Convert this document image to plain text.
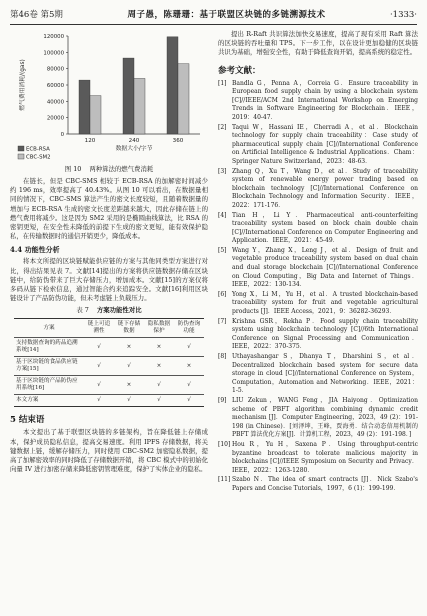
第46卷 第5期	周子愚，陈珊珊：基于联盟区块链的多链溯源技术	·1333·
0
20000
40000
60000
80000
100000
120000
燃气费用消耗/(gas)
120	240	360
数据大小/字节
ECB-RSA
CBC-SM2
图 10 两种算法的燃气费消耗

在链长，但是 CBC-SMS 相较于 ECB-RSA 的加解密时间减少约 196 ms，效率提高了 40.43%。从图 10 可以看出，在数据量相同的情况下，CBC-SMS 算法产生的密文长度较短，且随着数据量的增加与 ECB-RSA 生成的密文长度差距越来越大，因此存储在链上的燃气费用将减少。这是因为 SM2 采用的是椭圆曲线算法，比 RSA 的密钥更短，在安全性未降低的前提下生成的密文更短，能有效保护隐私，在传输数据时的通信开销更少，降低成本。

4.4 功能性分析

将本文所提的区块链赋能供应链的方案与其他同类型方案进行对比，得出结果见表 7。文献[14]提出的方案将供应链数据存储在区块链中，给防伪带来了巨大存储压力，增加成本。文献[15]的方案仅将多码从链下检索信息，通过智能合约来追踪安全。文献[16]利用区块链设计了产品防伪功能，但未考虑链上负载压力。

表 7 方案功能性对比
方案	链上可追溯性	链下存储数据	隐私数据保护	防伪查询功能
支持数据查询的药品追溯系统[14]	√	×	×	√
基于区块链的食品供应链方案[15]	√	√	×	×
基于区块链的产品防伪应用系统[16]	√	×	√	√
本文方案	√	√	√	√
5 结束语

本文提出了基于联盟区块链的多链架构，旨在降低链上存储成本，保护成员隐私信息，提高交易速度。利用 IPFS 存储数据，将关键数据上链，缓解存储压力，同时使用 CBC-SM2 加密隐私数据，提高了加解密效率的同时降低了存储数据开销，将 CBC 模式中的初始化向量 IV 进行加密存储来降低密钥管理难度，保护了实体企业的隐私。

提出 R-Raft 共识算法加快交易速度，提高了现有采用 Raft 算法的区块链的吞吐量和 TPS。下一步工作，以在设计更加稳健的区块链共识为基础，增强安全性，有助于降低查询开销，提高系统的稳定性。

参考文献：
[1] Bandla G，Penna A，Correia G．Ensure traceability in European food supply chain by using a blockchain system [C]//IEEE/ACM 2nd International Workshop on Emerging Trends in Software Engineering for Blockchain．IEEE，2019：40-47．
[2] Taqui W，Hassani IE，Cherradi A，et al．Blockchain technology for supply chain traceability：Case study of pharmaceutical supply chain [C]//International Conference on Artificial Intelligence & Industrial Applications．Cham：Springer Nature Switzerland，2023：48-63．
[3] Zhang Q，Xu T，Wang D，et al．Study of traceability system of renewable energy power trading based on blockchain technology [C]//International Conference on Blockchain Technology and Information Security．IEEE，2022：171-176．
[4] Tian H，Li Y．Pharmaceutical anti-counterfeiting traceability system based on block chain double chain [C]//International Conference on Computer Engineering and Application．IEEE，2021：45-49．
[5] Wang Y，Zhang X，Leng J，et al．Design of fruit and vegetable produce traceability system based on dual chain and dual storage blockchain [C]//International Conference on Cloud Computing，Big Data and Internet of Things．IEEE，2022：130-134．
[6] Yong X，Li M，Yu H，et al．A trusted blockchain-based traceability system for fruit and vegetable agricultural products [J]．IEEE Access，2021，9：36282-36293．
[7] Krishna GSR，Rekha P．Food supply chain traceability system using blockchain technology [C]//6th International Conference on Signal Processing and Communication．IEEE，2022：370-375．
[8] Uthayashangar S，Dhanya T，Dharshini S，et al．Decentralized blockchain based system for secure data storage in cloud [C]//International Conference on System，Computation，Automation and Networking．IEEE，2021：1-5．
[9] LIU Zekun，WANG Feng，JIA Haiyong．Optimization scheme of PBFT algorithm combining dynamic credit mechanism [J]．Computer Engineering，2023，49 (2)：191-198 (in Chinese)．[刘泽坤，王峰，贾海勇．结合动态信用机制的 PBFT 算法优化方案[J]．计算机工程，2023，49 (2)：191-198．]
[10] Hou R，Yu H，Saxena P．Using throughput-centric byzantine broadcast to tolerate malicious majority in blockchains [C]//IEEE Symposium on Security and Privacy．IEEE，2022：1263-1280．
[11] Szabo N．The idea of smart contracts [J]．Nick Szabo's Papers and Concise Tutorials，1997，6 (1)：199-199．
